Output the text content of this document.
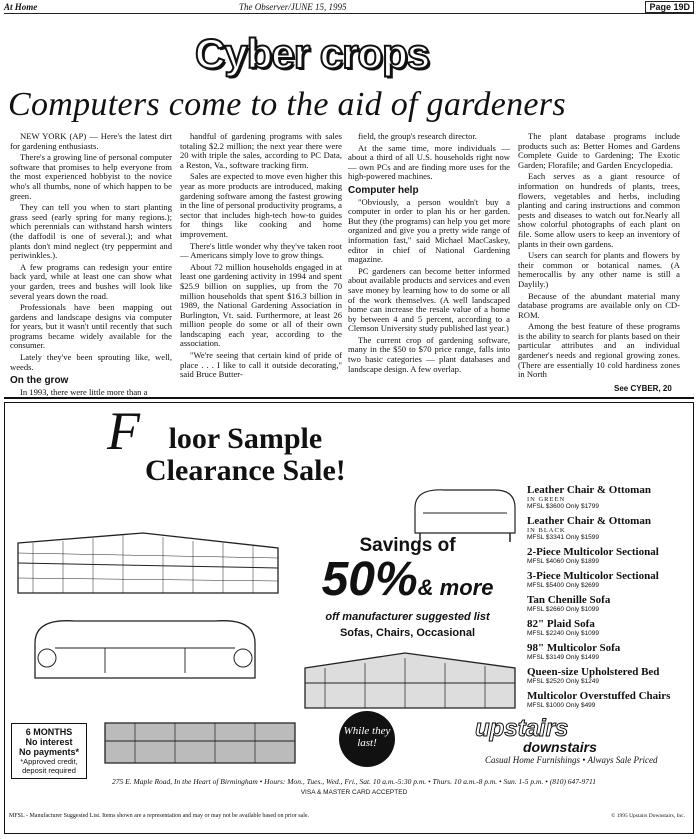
At Home	The Observer/JUNE 15, 1995	Page 19D
Cyber crops
Computers come to the aid of gardeners

NEW YORK (AP) — Here's the latest dirt for gardening enthusiasts.

There's a growing line of personal computer software that promises to help everyone from the most experienced hobbyist to the novice who's all thumbs, none of which happen to be green.

They can tell you when to start planting grass seed (early spring for many regions.); which perennials can withstand harsh winters (the daffodil is one of several.); and what plants don't mind neglect (try peppermint and periwinkles.).

A few programs can redesign your entire back yard, while at least one can show what your garden, trees and bushes will look like several years down the road.

Professionals have been mapping out gardens and landscape designs via computer for years, but it wasn't until recently that such programs became widely available for the consumer.

Lately they've been sprouting like, well, weeds.

On the grow

In 1993, there were little more than a

handful of gardening programs with sales totaling $2.2 million; the next year there were 20 with triple the sales, according to PC Data, a Reston, Va., software tracking firm.

Sales are expected to move even higher this year as more products are introduced, making gardening software among the fastest growing in the line of personal productivity programs, a sector that includes high-tech how-to guides for things like cooking and home improvement.

There's little wonder why they've taken root — Americans simply love to grow things.

About 72 million households engaged in at least one gardening activity in 1994 and spent $25.9 billion on supplies, up from the 70 million households that spent $16.3 billion in 1989, the National Gardening Association in Burlington, Vt. said. Furthermore, at least 26 million people do some or all of their own landscaping each year, according to the association.

"We're seeing that certain kind of pride of place . . . I like to call it outside decorating," said Bruce Butter-

field, the group's research director.

At the same time, more individuals — about a third of all U.S. households right now — own PCs and are finding more uses for the high-powered machines.

Computer help

"Obviously, a person wouldn't buy a computer in order to plan his or her garden. But they (the programs) can help you get more organized and give you a pretty wide range of information fast," said Michael MacCaskey, editor in chief of National Gardening magazine.

PC gardeners can become better informed about available products and services and even save money by learning how to do some or all of the work themselves. (A well landscaped home can increase the resale value of a home by between 4 and 5 percent, according to a Clemson University study published last year.)

The current crop of gardening software, many in the $50 to $70 price range, falls into two basic categories — plant databases and landscape design. A few overlap.

The plant database programs include products such as: Better Homes and Gardens Complete Guide to Gardening; The Exotic Garden; Florafile; and Garden Encyclopedia.

Each serves as a giant resource of information on hundreds of plants, trees, flowers, vegetables and herbs, including planting and caring instructions and common pests and diseases to watch out for.Nearly all show colorful photographs of each plant on file. Some allow users to keep an inventory of plants in their own gardens.

Users can search for plants and flowers by their common or botanical names. (A hemerocallis by any other name is still a Daylily.)

Because of the abundant material many database programs are available only on CD-ROM.

Among the best feature of these programs is the ability to search for plants based on their particular attributes and an individual gardener's needs and regional growing zones. (There are essentially 10 cold hardiness zones in North

See CYBER, 20
F loor Sample
Clearance Sale!
Savings of
50%& more
off manufacturer suggested list
Sofas, Chairs, Occasional
Leather Chair & Ottoman
IN GREEN
MFSL $3600 Only $1799
Leather Chair & Ottoman
IN BLACK
MFSL $3341 Only $1599
2-Piece Multicolor Sectional
MFSL $4060 Only $1899
3-Piece Multicolor Sectional
MFSL $5400 Only $2699
Tan Chenille Sofa
MFSL $2660 Only $1099
82" Plaid Sofa
MFSL $2240 Only $1099
98" Multicolor Sofa
MFSL $3149 Only $1499
Queen-size Upholstered Bed
MFSL $2520 Only $1249
Multicolor Overstuffed Chairs
MFSL $1000 Only $499
6 MONTHS
No interest
No payments*
*Approved credit, deposit required
While they last!
upstairs
downstairs
Casual Home Furnishings • Always Sale Priced
275 E. Maple Road, In the Heart of Birmingham • Hours: Mon., Tues., Wed., Fri., Sat. 10 a.m.-5:30 p.m. • Thurs. 10 a.m.-8 p.m. • Sun. 1-5 p.m. • (810) 647-9711
VISA & MASTER CARD ACCEPTED
MFSL - Manufacturer Suggested List. Items shown are a representation and may or may not be available based on prior sale.	© 1995 Upstairs Downstairs, Inc.
